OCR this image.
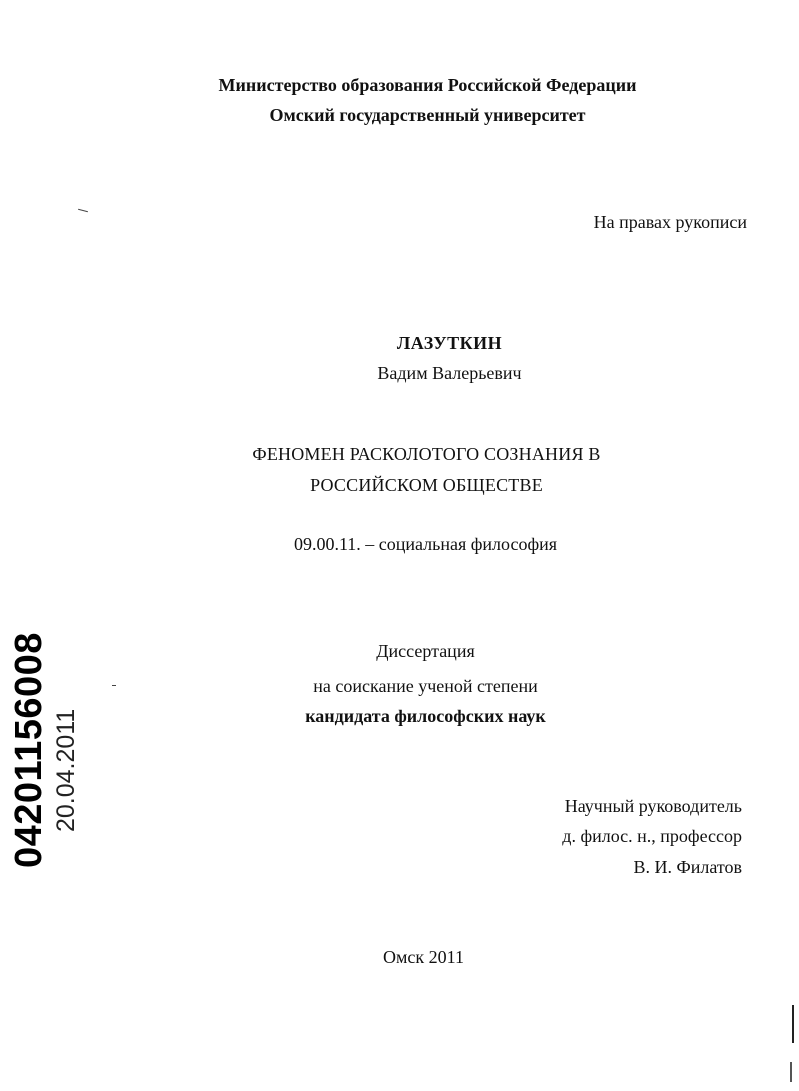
Министерство образования Российской Федерации
Омский государственный университет
На правах рукописи
ЛАЗУТКИН
Вадим Валерьевич
ФЕНОМЕН РАСКОЛОТОГО СОЗНАНИЯ В
РОССИЙСКОМ ОБЩЕСТВЕ
09.00.11. – социальная философия
Диссертация
на соискание ученой степени
кандидата философских наук
Научный руководитель
д. филос. н., профессор
В. И. Филатов
Омск 2011
04201156008 20.04.2011
